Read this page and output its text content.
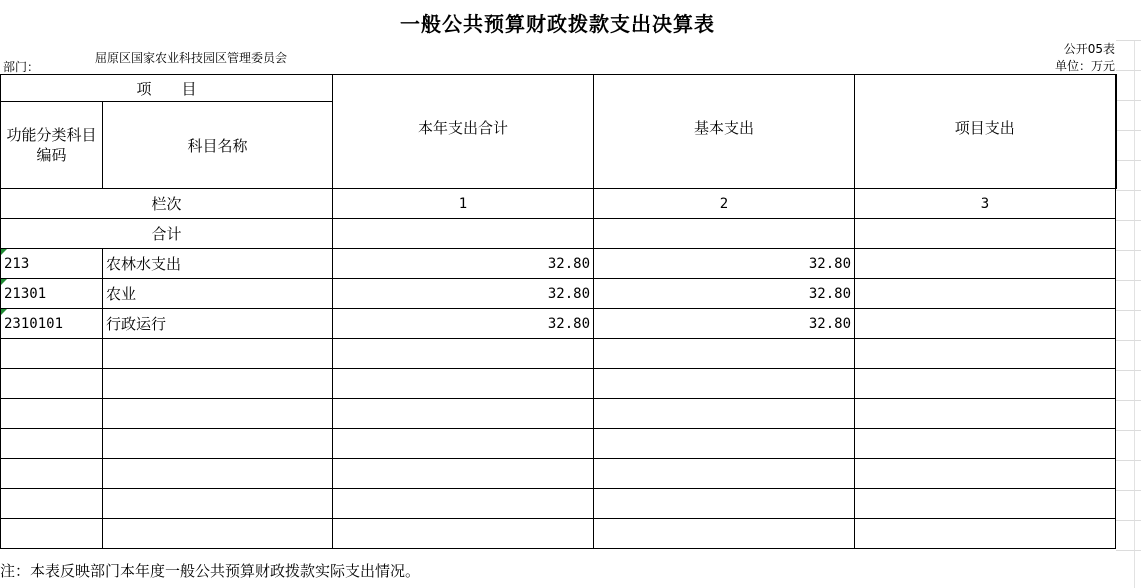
一般公共预算财政拨款支出决算表
部门：
屈原区国家农业科技园区管理委员会
公开05表
单位：万元
项　　目		本年支出合计	基本支出	项目支出
功能分类科目编码	科目名称			
栏次		1	2	3
合计				
213	农林水支出	32.80	32.80	
21301	农业	32.80	32.80	
2310101	行政运行	32.80	32.80	

注：本表反映部门本年度一般公共预算财政拨款实际支出情况。
